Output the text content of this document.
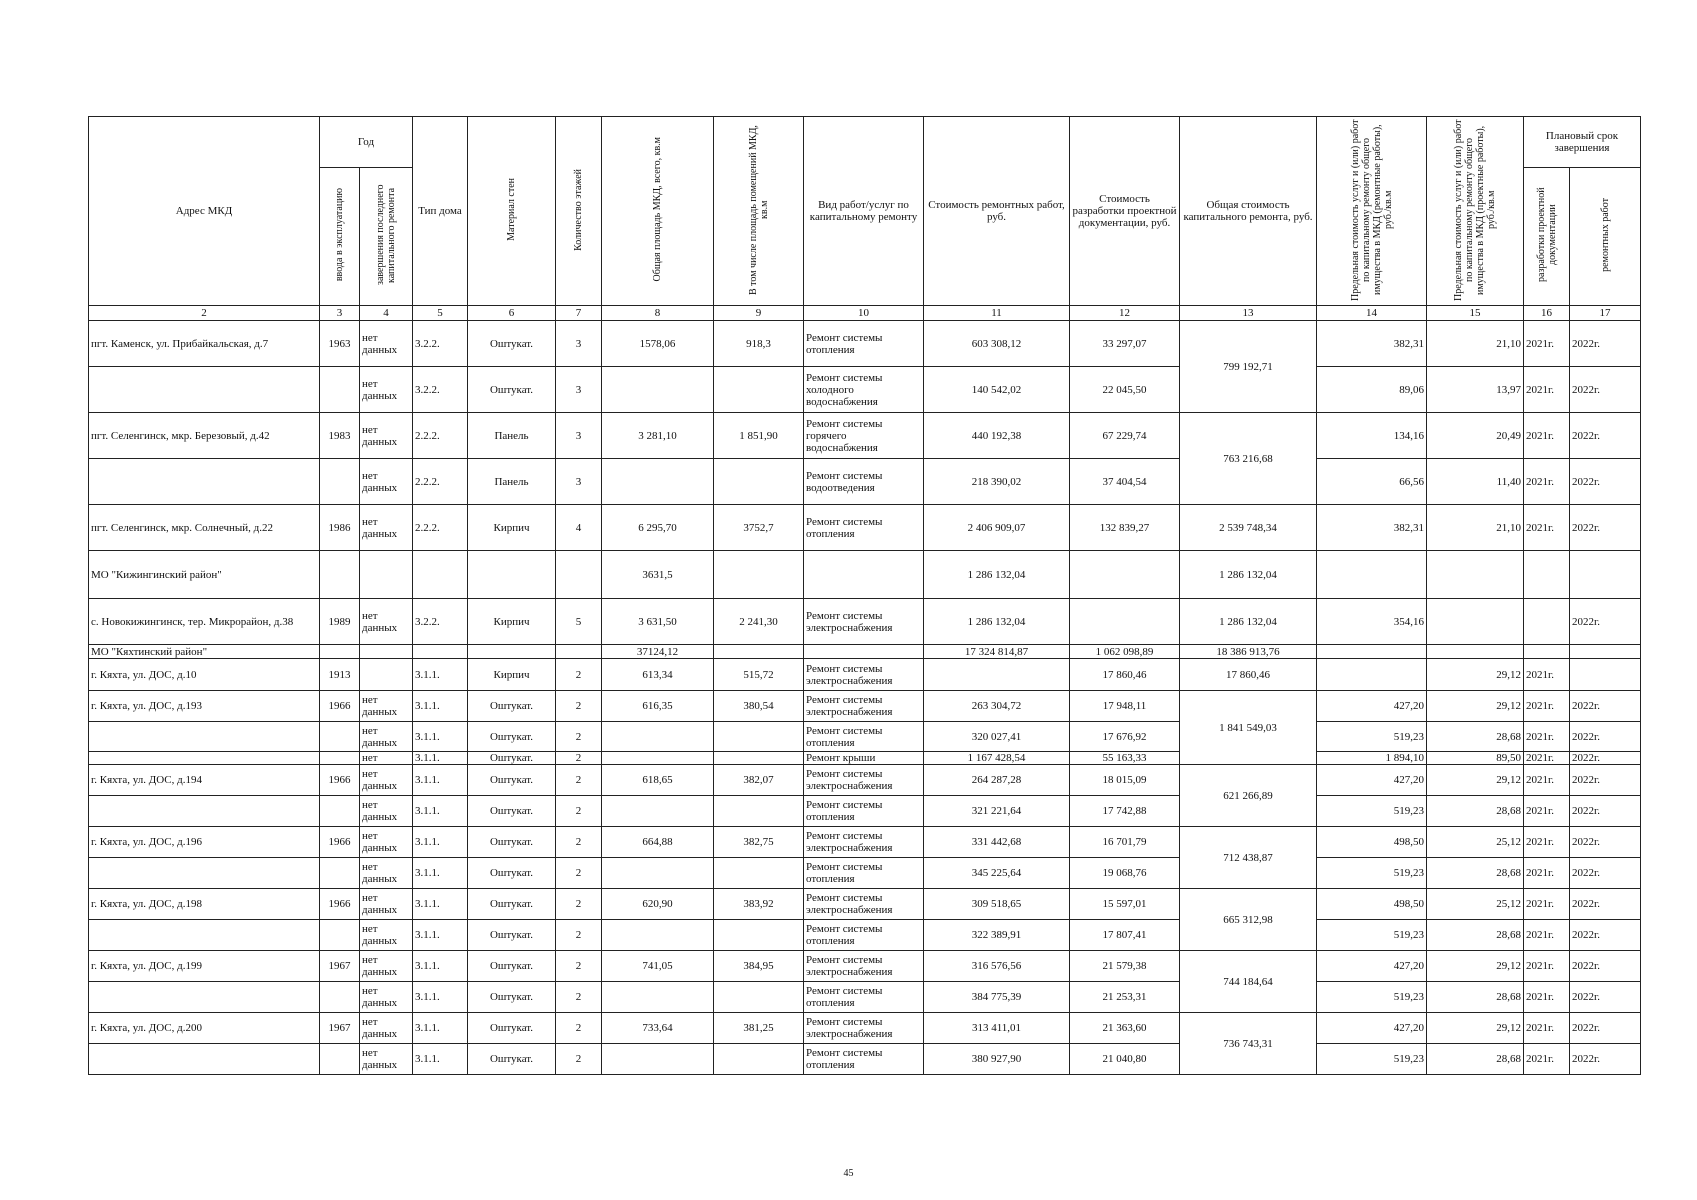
Адрес МКД	Год		Тип дома	Материал стен	Количество этажей	Общая площадь МКД, всего, кв.м	В том числе площадь помещений МКД, кв.м	Вид работ/услуг по капитальному ремонту	Стоимость ремонтных работ, руб.	Стоимость разработки проектной документации, руб.	Общая стоимость капитального ремонта, руб.	Предельная стоимость услуг и (или) работ по капитальному ремонту общего имущества в МКД (ремонтные работы), руб./кв.м	Предельная стоимость услуг и (или) работ по капитальному ремонту общего имущества в МКД (проектные работы), руб./кв.м	Плановый срок завершения	
	ввода в эксплуатацию	завершения последнего капитального ремонта												разработки проектной документации	ремонтных работ
2	3	4	5	6	7	8	9	10	11	12	13	14	15	16	17
пгт. Каменск, ул. Прибайкальская, д.7	1963	нет данных	3.2.2.	Оштукат.	3	1578,06	918,3	Ремонт системы отопления	603 308,12	33 297,07	799 192,71	382,31	21,10	2021г.	2022г.
		нет данных	3.2.2.	Оштукат.	3			Ремонт системы холодного водоснабжения	140 542,02	22 045,50		89,06	13,97	2021г.	2022г.
пгт. Селенгинск, мкр. Березовый, д.42	1983	нет данных	2.2.2.	Панель	3	3 281,10	1 851,90	Ремонт системы горячего водоснабжения	440 192,38	67 229,74	763 216,68	134,16	20,49	2021г.	2022г.
		нет данных	2.2.2.	Панель	3			Ремонт системы водоотведения	218 390,02	37 404,54		66,56	11,40	2021г.	2022г.
пгт. Селенгинск, мкр. Солнечный, д.22	1986	нет данных	2.2.2.	Кирпич	4	6 295,70	3752,7	Ремонт системы отопления	2 406 909,07	132 839,27	2 539 748,34	382,31	21,10	2021г.	2022г.
МО "Кижингинский район"						3631,5			1 286 132,04		1 286 132,04				
с. Новокижингинск, тер. Микрорайон, д.38	1989	нет данных	3.2.2.	Кирпич	5	3 631,50	2 241,30	Ремонт системы электроснабжения	1 286 132,04		1 286 132,04	354,16			2022г.
МО "Кяхтинский район"						37124,12			17 324 814,87	1 062 098,89	18 386 913,76				
г. Кяхта, ул. ДОС, д.10	1913		3.1.1.	Кирпич	2	613,34	515,72	Ремонт системы электроснабжения		17 860,46	17 860,46		29,12	2021г.	
г. Кяхта, ул. ДОС, д.193	1966	нет данных	3.1.1.	Оштукат.	2	616,35	380,54	Ремонт системы электроснабжения	263 304,72	17 948,11	1 841 549,03	427,20	29,12	2021г.	2022г.
		нет данных	3.1.1.	Оштукат.	2			Ремонт системы отопления	320 027,41	17 676,92		519,23	28,68	2021г.	2022г.
		нет	3.1.1.	Оштукат.	2			Ремонт крыши	1 167 428,54	55 163,33		1 894,10	89,50	2021г.	2022г.
г. Кяхта, ул. ДОС, д.194	1966	нет данных	3.1.1.	Оштукат.	2	618,65	382,07	Ремонт системы электроснабжения	264 287,28	18 015,09	621 266,89	427,20	29,12	2021г.	2022г.
		нет данных	3.1.1.	Оштукат.	2			Ремонт системы отопления	321 221,64	17 742,88		519,23	28,68	2021г.	2022г.
г. Кяхта, ул. ДОС, д.196	1966	нет данных	3.1.1.	Оштукат.	2	664,88	382,75	Ремонт системы электроснабжения	331 442,68	16 701,79	712 438,87	498,50	25,12	2021г.	2022г.
		нет данных	3.1.1.	Оштукат.	2			Ремонт системы отопления	345 225,64	19 068,76		519,23	28,68	2021г.	2022г.
г. Кяхта, ул. ДОС, д.198	1966	нет данных	3.1.1.	Оштукат.	2	620,90	383,92	Ремонт системы электроснабжения	309 518,65	15 597,01	665 312,98	498,50	25,12	2021г.	2022г.
		нет данных	3.1.1.	Оштукат.	2			Ремонт системы отопления	322 389,91	17 807,41		519,23	28,68	2021г.	2022г.
г. Кяхта, ул. ДОС, д.199	1967	нет данных	3.1.1.	Оштукат.	2	741,05	384,95	Ремонт системы электроснабжения	316 576,56	21 579,38	744 184,64	427,20	29,12	2021г.	2022г.
		нет данных	3.1.1.	Оштукат.	2			Ремонт системы отопления	384 775,39	21 253,31		519,23	28,68	2021г.	2022г.
г. Кяхта, ул. ДОС, д.200	1967	нет данных	3.1.1.	Оштукат.	2	733,64	381,25	Ремонт системы электроснабжения	313 411,01	21 363,60	736 743,31	427,20	29,12	2021г.	2022г.
		нет данных	3.1.1.	Оштукат.	2			Ремонт системы отопления	380 927,90	21 040,80		519,23	28,68	2021г.	2022г.
45
